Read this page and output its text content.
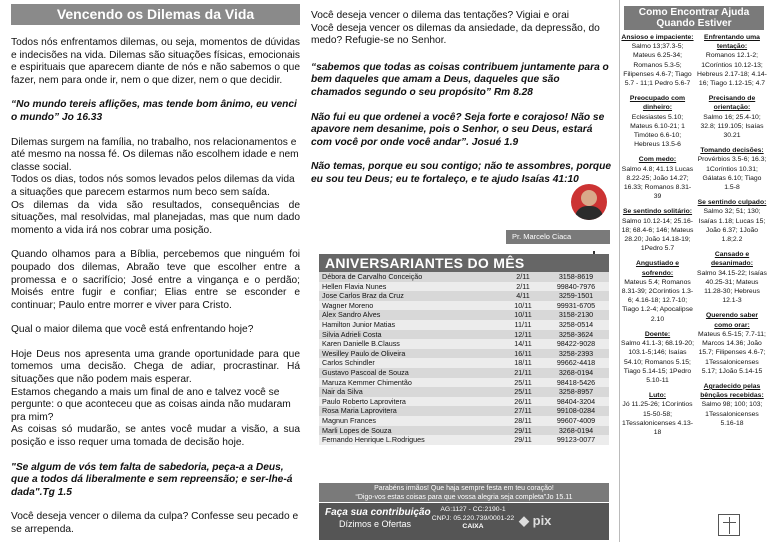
Vencendo os Dilemas da Vida

Todos nós enfrentamos dilemas, ou seja, momentos de dúvidas e indecisões na vida. Dilemas são situações físicas, emocionais e espirituais que aparecem diante de nós e não sabemos o que fazer, nem para onde ir, nem o que dizer, nem o que decidir.

“No mundo tereis aflições, mas tende bom ânimo, eu venci o mundo” Jo 16.33

Dilemas surgem na família, no trabalho, nos relacionamentos e até mesmo na nossa fé. Os dilemas não escolhem idade e nem classe social.

Todos os dias, todos nós somos levados pelos dilemas da vida a situações que parecem estarmos num beco sem saída.

Os dilemas da vida são resultados, consequências de situações, mal resolvidas, mal planejadas, mas que num dado momento a vida irá nos cobrar uma posição.

Quando olhamos para a Bíblia, percebemos que ninguém foi poupado dos dilemas, Abraão teve que escolher entre a promessa e o sacrifício; José entre a vingança e o perdão; Moisés entre fugir e confiar; Elias entre se esconder e continuar; Paulo entre morrer e viver para Cristo.

Qual o maior dilema que você está enfrentando hoje?

Hoje Deus nos apresenta uma grande oportunidade para que tomemos uma decisão. Chega de adiar, procrastinar. Há situações que não podem mais esperar.

Estamos chegando a mais um final de ano e talvez você se pergunte: o que aconteceu que as coisas ainda não mudaram pra mim?

As coisas só mudarão, se antes você mudar a visão, a sua posição e isso requer uma tomada de decisão hoje.

"Se algum de vós tem falta de sabedoria, peça-a a Deus, que a todos dá liberalmente e sem repreensão; e ser-lhe-á dada".Tg 1.5

Você deseja vencer o dilema da culpa? Confesse seu pecado e se arrependa.

Você deseja vencer o dilema das tentações? Vigiai e orai

Você deseja vencer os dilemas da ansiedade, da depressão, do medo? Refugie-se no Senhor.

“sabemos que todas as coisas contribuem juntamente para o bem daqueles que amam a Deus, daqueles que são chamados segundo o seu propósito” Rm 8.28

Não fui eu que ordenei a você? Seja forte e corajoso! Não se apavore nem desanime, pois o Senhor, o seu Deus, estará com você por onde você andar”. Josué 1.9

Não temas, porque eu sou contigo; não te assombres, porque eu sou teu Deus; eu te fortaleço, e te ajudo Isaías 41:10

Pr. Marcelo Ciaca
ANIVERSARIANTES DO MÊS
Débora de Carvalho Conceição	2/11	3158-8619
Hellen Flavia Nunes	2/11	99840-7976
Jose Carlos Braz da Cruz	4/11	3259-1501
Wagner Moreno	10/11	99931-6705
Alex Sandro Alves	10/11	3158-2130
Hamilton Junior Matias	11/11	3258-0514
Silvia Adrieli Costa	12/11	3258-3624
Karen Danielle B.Clauss	14/11	98422-9028
Wesilley Paulo de Oliveira	16/11	3258-2393
Carlos Schindler	18/11	99662-4418
Gustavo Pascoal de Souza	21/11	3268-0194
Maruza Kemmer Chimentão	25/11	98418-5426
Nair da Silva	25/11	3258-8957
Paulo Roberto Laprovitera	26/11	98404-3204
Rosa Maria Laprovitera	27/11	99108-0284
Magnun Frances	28/11	99607-4009
Marli Lopes de Souza	29/11	3268-0194
Fernando Henrique L.Rodrigues	29/11	99123-0077
Parabéns irmãos! Que haja sempre festa em teu coração!
“Digo-vos estas coisas para que vossa alegria seja completa”Jo 15.11
Faça sua contribuição
Dízimos e Ofertas
AG:1127 - CC:2190-1
CNPJ: 05.220.739/0001-22
CAIXA	◆ pix
Como Encontrar Ajuda Quando Estiver
Ansioso e impaciente:
Salmo 13;37.3-5; Mateus 6.25-34; Romanos 5.3-5; Filipenses 4.6-7; Tiago 5.7 - 11;1 Pedro 5.6-7
Preocupado com dinheiro:
Eclesiastes 5.10; Mateus 6.10-21; 1 Timóteo 6.6-10; Hebreus 13.5-6
Com medo:
Salmo 4.8; 41.13 Lucas 8.22-25; João 14.27; 16.33; Romanos 8.31-39
Se sentindo solitário:
Salmo 10.12-14; 25.16-18; 68.4-6; 146; Mateus 28.20; João 14.18-19; 1Pedro 5.7
Angustiado e sofrendo:
Mateus 5.4; Romanos 8.31-39; 2Coríntios 1.3-6; 4.16-18; 12.7-10; Tiago 1.2-4; Apocalipse 2.10
Doente:
Salmo 41.1-3; 68.19-20; 103.1-5;146; Isaías 54.10; Romanos 5.15; Tiago 5.14-15; 1Pedro 5.10-11
Luto:
Jó 11.25-26; 1Coríntios 15-50-58; 1Tessalonicenses 4.13-18
Enfrentando uma tentação:
Romanos 12.1-2; 1Coríntios 10.12-13; Hebreus 2.17-18; 4.14-16; Tiago 1.12-15; 4.7
Precisando de orientação:
Salmo 16; 25.4-10; 32.8; 119.105; Isaías 30.21
Tomando decisões:
Provérbios 3.5-6; 16.3; 1Coríntios 10.31; Gálatas 6.10; Tiago 1.5-8
Se sentindo culpado:
Salmo 32; 51; 130; Isaías 1.18; Lucas 15; João 6.37; 1João 1.8;2.2
Cansado e desanimado:
Salmo 34.15-22; Isaías 40.25-31; Mateus 11.28-30; Hebreus 12.1-3
Querendo saber como orar:
Mateus 6.5-15; 7.7-11; Marcos 14.36; João 15.7; Filipenses 4.6-7; 1Tessalonicenses 5.17; 1João 5.14-15
Agradecido pelas bênçãos recebidas:
Salmo 98; 100; 103; 1Tessalonicenses 5.16-18
